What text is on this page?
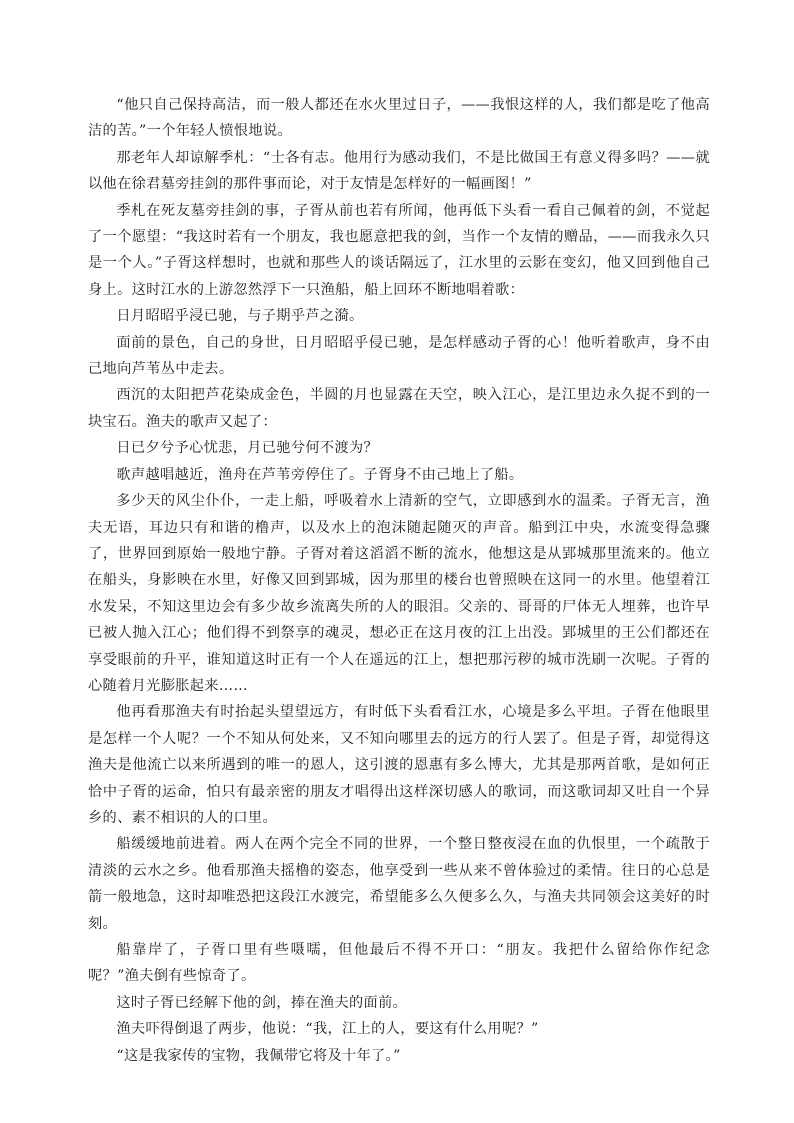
“他只自己保持高洁，而一般人都还在水火里过日子，——我恨这样的人，我们都是吃了他高洁的苦。”一个年轻人愤恨地说。

那老年人却谅解季札：“士各有志。他用行为感动我们，不是比做国王有意义得多吗？——就以他在徐君墓旁挂剑的那件事而论，对于友情是怎样好的一幅画图！”

季札在死友墓旁挂剑的事，子胥从前也若有所闻，他再低下头看一看自己佩着的剑，不觉起了一个愿望：“我这时若有一个朋友，我也愿意把我的剑，当作一个友情的赠品，——而我永久只是一个人。”子胥这样想时，也就和那些人的谈话隔远了，江水里的云影在变幻，他又回到他自己身上。这时江水的上游忽然浮下一只渔船，船上回环不断地唱着歌：

日月昭昭乎浸已驰，与子期乎芦之漪。

面前的景色，自己的身世，日月昭昭乎侵已驰，是怎样感动子胥的心！他听着歌声，身不由己地向芦苇丛中走去。

西沉的太阳把芦花染成金色，半圆的月也显露在天空，映入江心，是江里边永久捉不到的一块宝石。渔夫的歌声又起了：

日已夕兮予心忧悲，月已驰兮何不渡为？

歌声越唱越近，渔舟在芦苇旁停住了。子胥身不由己地上了船。

多少天的风尘仆仆，一走上船，呼吸着水上清新的空气，立即感到水的温柔。子胥无言，渔夫无语，耳边只有和谐的橹声，以及水上的泡沫随起随灭的声音。船到江中央，水流变得急骤了，世界回到原始一般地宁静。子胥对着这滔滔不断的流水，他想这是从郢城那里流来的。他立在船头，身影映在水里，好像又回到郢城，因为那里的楼台也曾照映在这同一的水里。他望着江水发呆，不知这里边会有多少故乡流离失所的人的眼泪。父亲的、哥哥的尸体无人埋葬，也许早已被人抛入江心；他们得不到祭享的魂灵，想必正在这月夜的江上出没。郢城里的王公们都还在享受眼前的升平，谁知道这时正有一个人在遥远的江上，想把那污秽的城市洗刷一次呢。子胥的心随着月光膨胀起来……

他再看那渔夫有时抬起头望望远方，有时低下头看看江水，心境是多么平坦。子胥在他眼里是怎样一个人呢？一个不知从何处来，又不知向哪里去的远方的行人罢了。但是子胥，却觉得这渔夫是他流亡以来所遇到的唯一的恩人，这引渡的恩惠有多么博大，尤其是那两首歌，是如何正恰中子胥的运命，怕只有最亲密的朋友才唱得出这样深切感人的歌词，而这歌词却又吐自一个异乡的、素不相识的人的口里。

船缓缓地前进着。两人在两个完全不同的世界，一个整日整夜浸在血的仇恨里，一个疏散于清淡的云水之乡。他看那渔夫摇橹的姿态，他享受到一些从来不曾体验过的柔情。往日的心总是箭一般地急，这时却唯恐把这段江水渡完，希望能多么久便多么久，与渔夫共同领会这美好的时刻。

船靠岸了，子胥口里有些嗫嚅，但他最后不得不开口：“朋友。我把什么留给你作纪念呢？”渔夫倒有些惊奇了。

这时子胥已经解下他的剑，捧在渔夫的面前。

渔夫吓得倒退了两步，他说：“我，江上的人，要这有什么用呢？”

“这是我家传的宝物，我佩带它将及十年了。”
